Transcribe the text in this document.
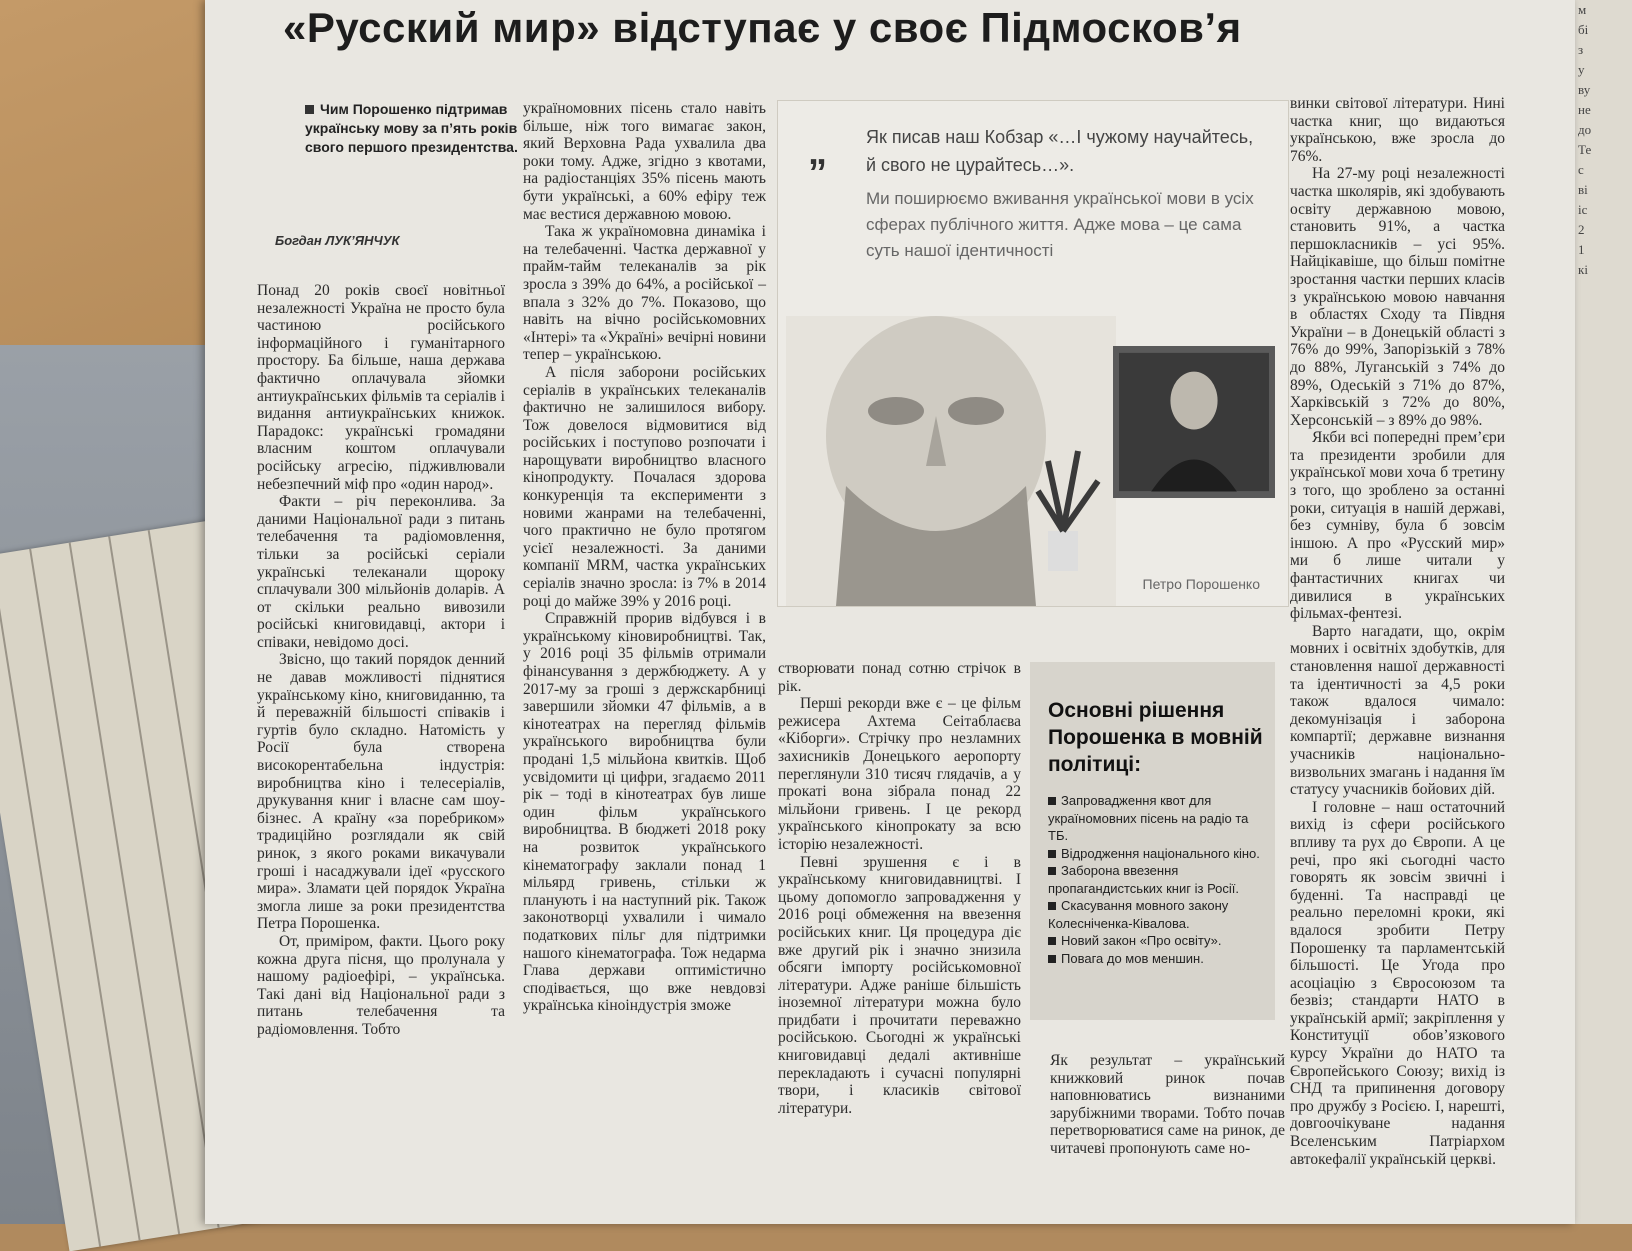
м
бі
з
у
ву
не
до
Те
с
ві
іс
2
1
кі
«Русский мир» відступає у своє Підмосков’я
Чим Порошенко підтримав українську мову за п’ять років свого першого президентства.
Богдан ЛУК’ЯНЧУК

Понад 20 років своєї новітньої незалежності Україна не просто була частиною російського інформаційного і гуманітарного простору. Ба більше, наша держава фактично оплачувала зйомки антиукраїнських фільмів та серіалів і видання антиукраїнських книжок. Парадокс: українські громадяни власним коштом оплачували російську агресію, підживлювали небезпечний міф про «один народ».

Факти – річ переконлива. За даними Національної ради з питань телебачення та радіомовлення, тільки за російські серіали українські телеканали щороку сплачували 300 мільйонів доларів. А от скільки реально вивозили російські книговидавці, актори і співаки, невідомо досі.

Звісно, що такий порядок денний не давав можливості піднятися українському кіно, книговиданню, та й переважній більшості співаків і гуртів було складно. Натомість у Росії була створена високорентабельна індустрія: виробництва кіно і телесеріалів, друкування книг і власне сам шоу-бізнес. А країну «за поребриком» традиційно розглядали як свій ринок, з якого роками викачували гроші і насаджували ідеї «русского мира». Зламати цей порядок Україна змогла лише за роки президентства Петра Порошенка.

От, приміром, факти. Цього року кожна друга пісня, що пролунала у нашому радіоефірі, – українська. Такі дані від Національної ради з питань телебачення та радіомовлення. Тобто

україномовних пісень стало навіть більше, ніж того вимагає закон, який Верховна Рада ухвалила два роки тому. Адже, згідно з квотами, на радіостанціях 35% пісень мають бути українські, а 60% ефіру теж має вестися державною мовою.

Така ж україномовна динаміка і на телебаченні. Частка державної у прайм-тайм телеканалів за рік зросла з 39% до 64%, а російської – впала з 32% до 7%. Показово, що навіть на вічно російськомовних «Інтері» та «Україні» вечірні новини тепер – українською.

А після заборони російських серіалів в українських телеканалів фактично не залишилося вибору. Тож довелося відмовитися від російських і поступово розпочати і нарощувати виробництво власного кінопродукту. Почалася здорова конкуренція та експерименти з новими жанрами на телебаченні, чого практично не було протягом усієї незалежності. За даними компанії MRM, частка українських серіалів значно зросла: із 7% в 2014 році до майже 39% у 2016 році.

Справжній прорив відбувся і в українському кіновиробництві. Так, у 2016 році 35 фільмів отримали фінансування з держбюджету. А у 2017-му за гроші з держскарбниці завершили зйомки 47 фільмів, а в кінотеатрах на перегляд фільмів українського виробництва були продані 1,5 мільйона квитків. Щоб усвідомити ці цифри, згадаємо 2011 рік – тоді в кінотеатрах був лише один фільм українського виробництва. В бюджеті 2018 року на розвиток українського кінематографу заклали понад 1 мільярд гривень, стільки ж планують і на наступний рік. Також законотворці ухвалили і чимало податкових пільг для підтримки нашого кінематографа. Тож недарма Глава держави оптимістично сподівається, що вже невдовзі українська кіноіндустрія зможе

створювати понад сотню стрічок в рік.

Перші рекорди вже є – це фільм режисера Ахтема Сеітаблаєва «Кіборги». Стрічку про незламних захисників Донецького аеропорту переглянули 310 тисяч глядачів, а у прокаті вона зібрала понад 22 мільйони гривень. І це рекорд українського кінопрокату за всю історію незалежності.

Певні зрушення є і в українському книговидавництві. І цьому допомогло запровадження у 2016 році обмеження на ввезення російських книг. Ця процедура діє вже другий рік і значно знизила обсяги імпорту російськомовної літератури. Адже раніше більшість іноземної літератури можна було придбати і прочитати переважно російською. Сьогодні ж українські книговидавці дедалі активніше перекладають і сучасні популярні твори, і класиків світової літератури.

Як результат – український книжковий ринок почав наповнюватись визнаними зарубіжними творами. Тобто почав перетворюватися саме на ринок, де читачеві пропонують саме но-

винки світової літератури. Нині частка книг, що видаються українською, вже зросла до 76%.

На 27-му році незалежності частка школярів, які здобувають освіту державною мовою, становить 91%, а частка першокласників – усі 95%. Найцікавіше, що більш помітне зростання частки перших класів з українською мовою навчання в областях Сходу та Півдня України – в Донецькій області з 76% до 99%, Запорізькій з 78% до 88%, Луганській з 74% до 89%, Одеській з 71% до 87%, Харківській з 72% до 80%, Херсонській – з 89% до 98%.

Якби всі попередні прем’єри та президенти зробили для української мови хоча б третину з того, що зроблено за останні роки, ситуація в нашій державі, без сумніву, була б зовсім іншою. А про «Русский мир» ми б лише читали у фантастичних книгах чи дивилися в українських фільмах-фентезі.

Варто нагадати, що, окрім мовних і освітніх здобутків, для становлення нашої державності та ідентичності за 4,5 роки також вдалося чимало: декомунізація і заборона компартії; державне визнання учасників національно-визвольних змагань і надання їм статусу учасників бойових дій.

І головне – наш остаточний вихід із сфери російського впливу та рух до Європи. А це речі, про які сьогодні часто говорять як зовсім звичні і буденні. Та насправді це реально переломні кроки, які вдалося зробити Петру Порошенку та парламентській більшості. Це Угода про асоціацію з Євросоюзом та безвіз; стандарти НАТО в українській армії; закріплення у Конституції обов’язкового курсу України до НАТО та Європейського Союзу; вихід із СНД та припинення договору про дружбу з Росією. І, нарешті, довгоочікуване надання Вселенським Патріархом автокефалії українській церкві.

„ Як писав наш Кобзар «…І чужому научайтесь, й свого не цурайтесь…».
Ми поширюємо вживання української мови в усіх сферах публічного життя. Адже мова – це сама суть нашої ідентичності
Петро Порошенко
Основні рішення Порошенка в мовній політиці:
Запровадження квот для україномовних пісень на радіо та ТБ.
Відродження національного кіно.
Заборона ввезення пропагандистських книг із Росії.
Скасування мовного закону Колесніченка-Ківалова.
Новий закон «Про освіту».
Повага до мов меншин.
